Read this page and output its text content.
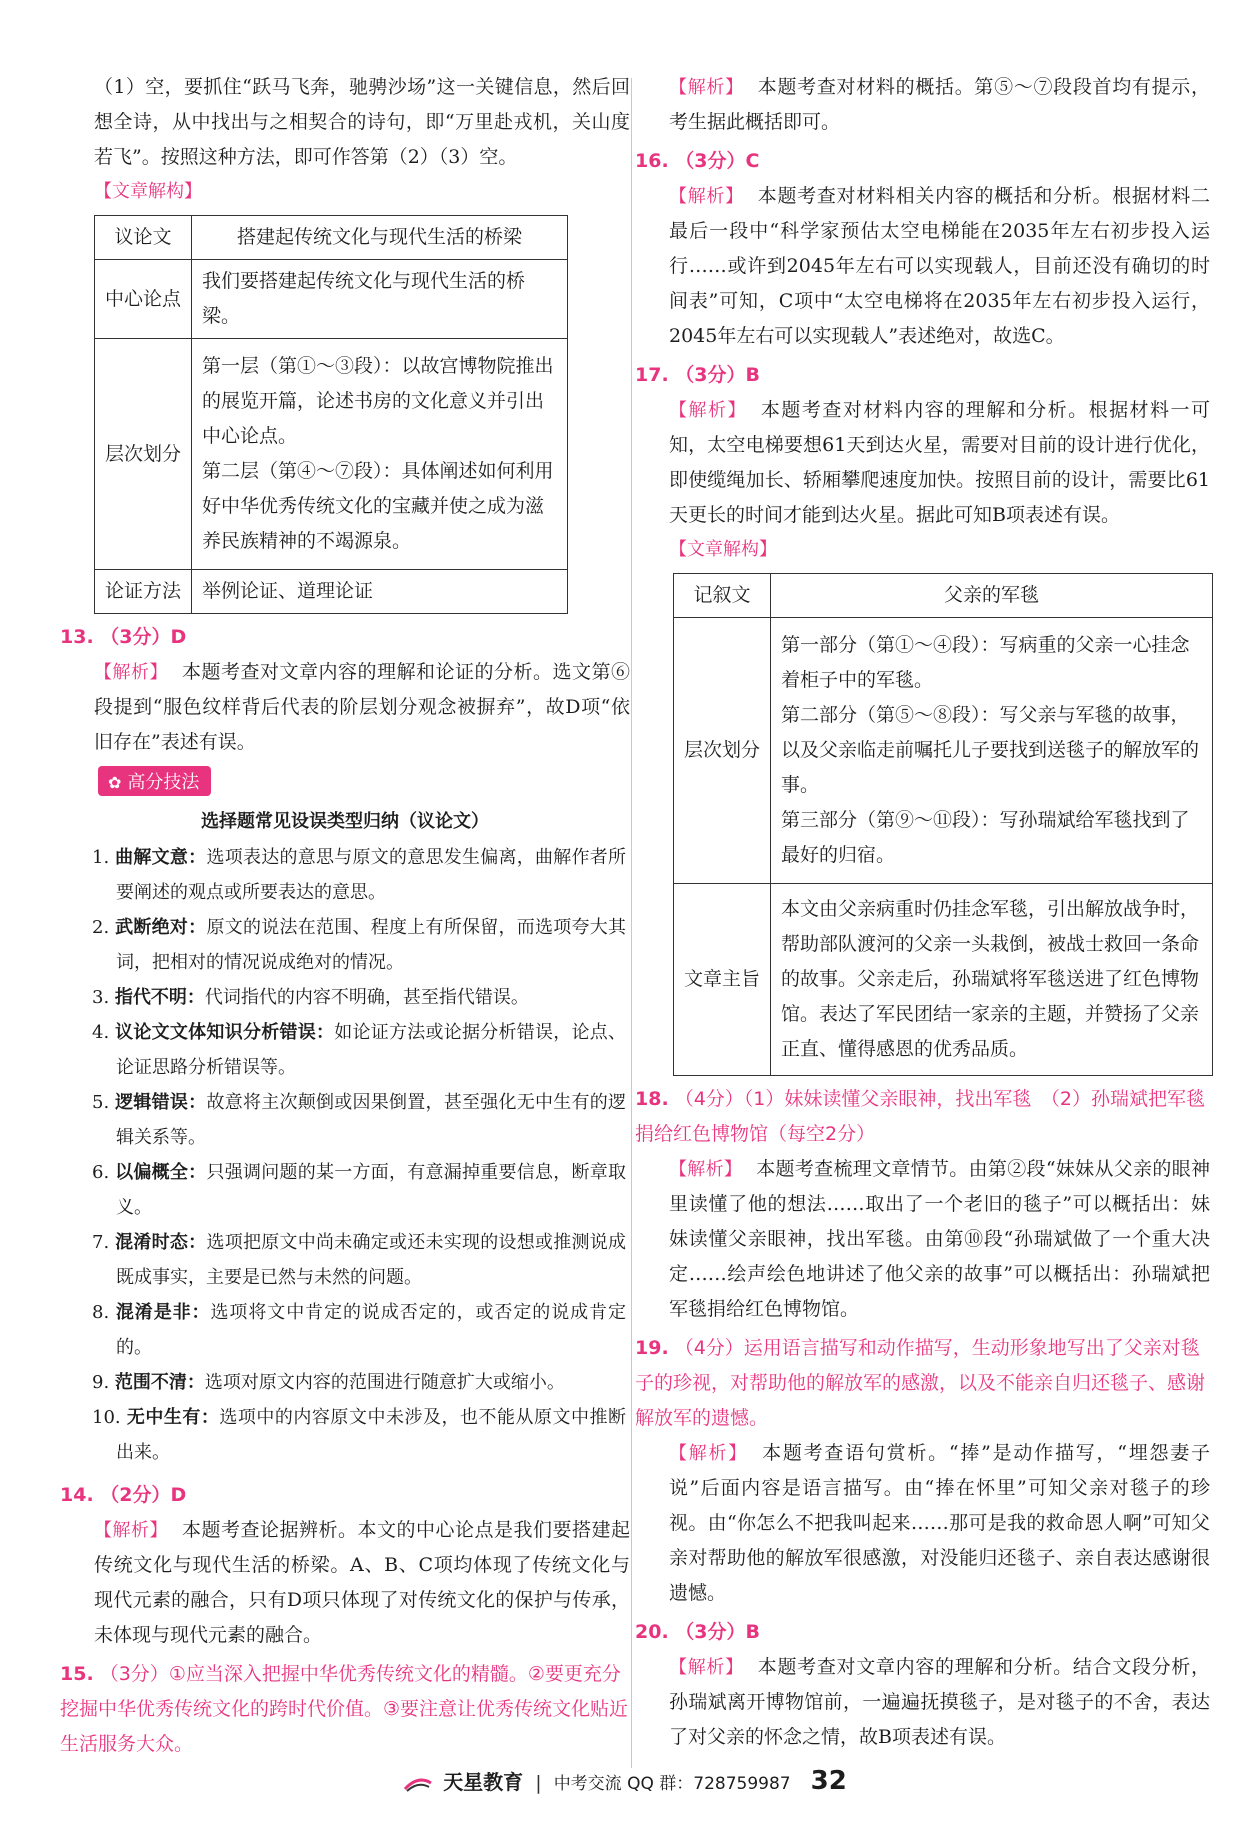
（1）空，要抓住“跃马飞奔，驰骋沙场”这一关键信息，然后回想全诗，从中找出与之相契合的诗句，即“万里赴戎机，关山度若飞”。按照这种方法，即可作答第（2）（3）空。

【文章解构】
议论文	搭建起传统文化与现代生活的桥梁
中心论点	我们要搭建起传统文化与现代生活的桥梁。
层次划分	第一层（第①～③段）：以故宫博物院推出的展览开篇，论述书房的文化意义并引出中心论点。

第二层（第④～⑦段）：具体阐述如何利用好中华优秀传统文化的宝藏并使之成为滋养民族精神的不竭源泉。

论证方法	举例论证、道理论证
13. （3分）D

【解析】 本题考查对文章内容的理解和论证的分析。选文第⑥段提到“服色纹样背后代表的阶层划分观念被摒弃”，故D项“依旧存在”表述有误。

✿ 高分技法
选择题常见设误类型归纳（议论文）

1. 曲解文意：选项表达的意思与原文的意思发生偏离，曲解作者所要阐述的观点或所要表达的意思。

2. 武断绝对：原文的说法在范围、程度上有所保留，而选项夸大其词，把相对的情况说成绝对的情况。

3. 指代不明：代词指代的内容不明确，甚至指代错误。

4. 议论文文体知识分析错误：如论证方法或论据分析错误，论点、论证思路分析错误等。

5. 逻辑错误：故意将主次颠倒或因果倒置，甚至强化无中生有的逻辑关系等。

6. 以偏概全：只强调问题的某一方面，有意漏掉重要信息，断章取义。

7. 混淆时态：选项把原文中尚未确定或还未实现的设想或推测说成既成事实，主要是已然与未然的问题。

8. 混淆是非：选项将文中肯定的说成否定的，或否定的说成肯定的。

9. 范围不清：选项对原文内容的范围进行随意扩大或缩小。

10. 无中生有：选项中的内容原文中未涉及，也不能从原文中推断出来。

14. （2分）D

【解析】 本题考查论据辨析。本文的中心论点是我们要搭建起传统文化与现代生活的桥梁。A、B、C项均体现了传统文化与现代元素的融合，只有D项只体现了对传统文化的保护与传承，未体现与现代元素的融合。

15. （3分）①应当深入把握中华优秀传统文化的精髓。②要更充分挖掘中华优秀传统文化的跨时代价值。③要注意让优秀传统文化贴近生活服务大众。

【解析】 本题考查对材料的概括。第⑤～⑦段段首均有提示，考生据此概括即可。

16. （3分）C

【解析】 本题考查对材料相关内容的概括和分析。根据材料二最后一段中“科学家预估太空电梯能在2035年左右初步投入运行……或许到2045年左右可以实现载人，目前还没有确切的时间表”可知，C项中“太空电梯将在2035年左右初步投入运行，2045年左右可以实现载人”表述绝对，故选C。

17. （3分）B

【解析】 本题考查对材料内容的理解和分析。根据材料一可知，太空电梯要想61天到达火星，需要对目前的设计进行优化，即使缆绳加长、轿厢攀爬速度加快。按照目前的设计，需要比61天更长的时间才能到达火星。据此可知B项表述有误。

【文章解构】
记叙文	父亲的军毯
层次划分	第一部分（第①～④段）：写病重的父亲一心挂念着柜子中的军毯。

第二部分（第⑤～⑧段）：写父亲与军毯的故事，以及父亲临走前嘱托儿子要找到送毯子的解放军的事。

第三部分（第⑨～⑪段）：写孙瑞斌给军毯找到了最好的归宿。

文章主旨	本文由父亲病重时仍挂念军毯，引出解放战争时，帮助部队渡河的父亲一头栽倒，被战士救回一条命的故事。父亲走后，孙瑞斌将军毯送进了红色博物馆。表达了军民团结一家亲的主题，并赞扬了父亲正直、懂得感恩的优秀品质。
18. （4分）（1）妹妹读懂父亲眼神，找出军毯　（2）孙瑞斌把军毯捐给红色博物馆（每空2分）

【解析】 本题考查梳理文章情节。由第②段“妹妹从父亲的眼神里读懂了他的想法……取出了一个老旧的毯子”可以概括出：妹妹读懂父亲眼神，找出军毯。由第⑩段“孙瑞斌做了一个重大决定……绘声绘色地讲述了他父亲的故事”可以概括出：孙瑞斌把军毯捐给红色博物馆。

19. （4分）运用语言描写和动作描写，生动形象地写出了父亲对毯子的珍视，对帮助他的解放军的感激，以及不能亲自归还毯子、感谢解放军的遗憾。

【解析】 本题考查语句赏析。“捧”是动作描写，“埋怨妻子说”后面内容是语言描写。由“捧在怀里”可知父亲对毯子的珍视。由“你怎么不把我叫起来……那可是我的救命恩人啊”可知父亲对帮助他的解放军很感激，对没能归还毯子、亲自表达感谢很遗憾。

20. （3分）B

【解析】 本题考查对文章内容的理解和分析。结合文段分析，孙瑞斌离开博物馆前，一遍遍抚摸毯子，是对毯子的不舍，表达了对父亲的怀念之情，故B项表述有误。

天星教育 | 中考交流 QQ 群：728759987 32
